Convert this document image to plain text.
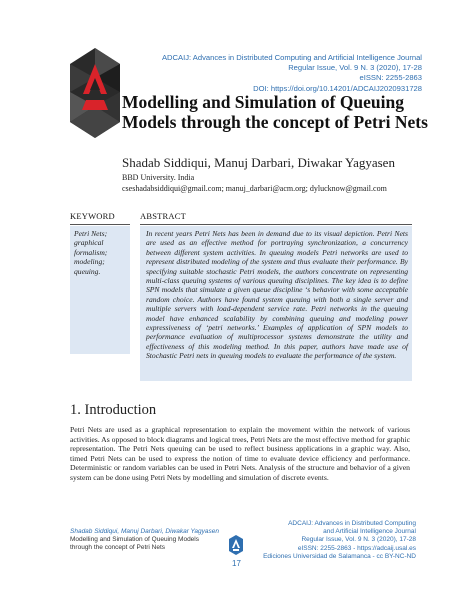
ADCAIJ: Advances in Distributed Computing and Artificial Intelligence Journal
Regular Issue, Vol. 9 N. 3 (2020), 17-28
eISSN: 2255-2863
DOI: https://doi.org/10.14201/ADCAIJ2020931728
Modelling and Simulation of Queuing
Models through the concept of Petri Nets
Shadab Siddiqui, Manuj Darbari, Diwakar Yagyasen
BBD University. India
cseshadabsiddiqui@gmail.com; manuj_darbari@acm.org; dylucknow@gmail.com
KEYWORD	ABSTRACT
Petri Nets; graphical formalism; modeling; queuing.
In recent years Petri Nets has been in demand due to its visual depiction. Petri Nets are used as an effective method for portraying synchronization, a concurrency between different system activities. In queuing models Petri networks are used to represent distributed modeling of the system and thus evaluate their performance. By specifying suitable stochastic Petri models, the authors concentrate on representing multi-class queuing systems of various queuing disciplines. The key idea is to define SPN models that simulate a given queue discipline ‘s behavior with some acceptable random choice. Authors have found system queuing with both a single server and multiple servers with load-dependent service rate. Petri networks in the queuing model have enhanced scalability by combining queuing and modeling power expressiveness of ‘petri networks.’ Examples of application of SPN models to performance evaluation of multiprocessor systems demonstrate the utility and effectiveness of this modeling method. In this paper, authors have made use of Stochastic Petri nets in queuing models to evaluate the performance of the system.
1. Introduction
Petri Nets are used as a graphical representation to explain the movement within the network of various activities. As opposed to block diagrams and logical trees, Petri Nets are the most effective method for graphic representation. The Petri Nets queuing can be used to reflect business applications in a graphic way. Also, timed Petri Nets can be used to express the notion of time to evaluate device efficiency and performance. Deterministic or random variables can be used in Petri Nets. Analysis of the structure and behavior of a given system can be done using Petri Nets by modelling and simulation of discrete events.
Shadab Siddiqui, Manuj Darbari, Diwakar Yagyasen
Modelling and Simulation of Queuing Models
through the concept of Petri Nets
17
ADCAIJ: Advances in Distributed Computing
and Artificial Intelligence Journal
Regular Issue, Vol. 9 N. 3 (2020), 17-28
eISSN: 2255-2863 - https://adcaij.usal.es
Ediciones Universidad de Salamanca - cc BY-NC-ND
